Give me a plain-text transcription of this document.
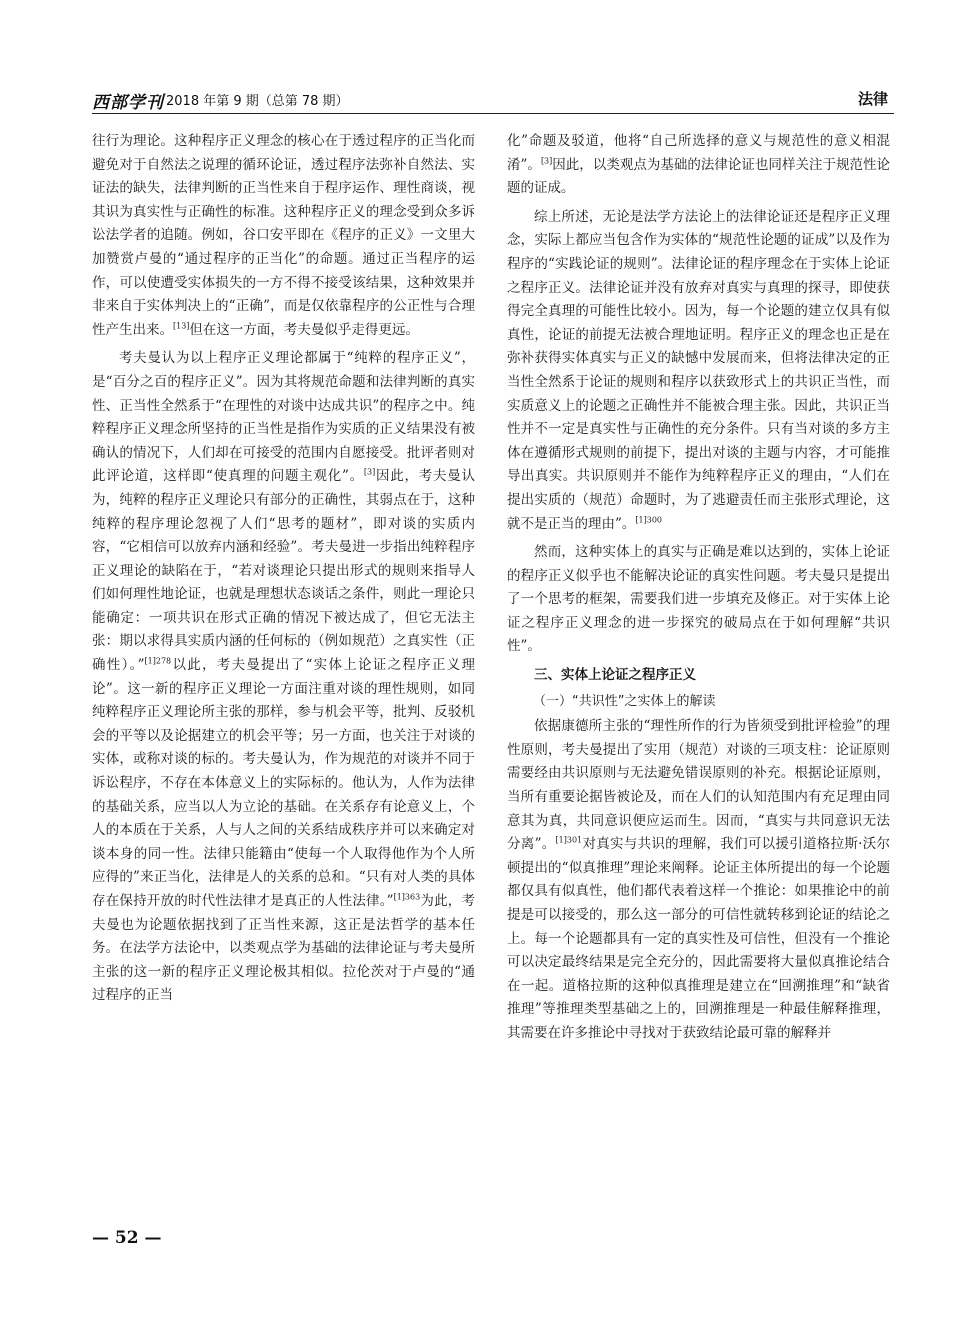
西部学刊 2018 年第 9 期（总第 78 期）	法律

往行为理论。这种程序正义理念的核心在于透过程序的正当化而避免对于自然法之说理的循环论证，透过程序法弥补自然法、实证法的缺失，法律判断的正当性来自于程序运作、理性商谈，视其识为真实性与正确性的标准。这种程序正义的理念受到众多诉讼法学者的追随。例如，谷口安平即在《程序的正义》一文里大加赞赏卢曼的“通过程序的正当化”的命题。通过正当程序的运作，可以使遭受实体损失的一方不得不接受该结果，这种效果并非来自于实体判决上的“正确”，而是仅依靠程序的公正性与合理性产生出来。[13]但在这一方面，考夫曼似乎走得更远。

考夫曼认为以上程序正义理论都属于“纯粹的程序正义”，是“百分之百的程序正义”。因为其将规范命题和法律判断的真实性、正当性全然系于“在理性的对谈中达成共识”的程序之中。纯粹程序正义理念所坚持的正当性是指作为实质的正义结果没有被确认的情况下，人们却在可接受的范围内自愿接受。批评者则对此评论道，这样即“使真理的问题主观化”。[3]因此，考夫曼认为，纯粹的程序正义理论只有部分的正确性，其弱点在于，这种纯粹的程序理论忽视了人们“思考的题材”，即对谈的实质内容，“它相信可以放弃内涵和经验”。考夫曼进一步指出纯粹程序正义理论的缺陷在于，“若对谈理论只提出形式的规则来指导人们如何理性地论证，也就是理想状态谈话之条件，则此一理论只能确定：一项共识在形式正确的情况下被达成了，但它无法主张：期以求得具实质内涵的任何标的（例如规范）之真实性（正确性）。”$^{[1]278}$以此，考夫曼提出了“实体上论证之程序正义理论”。这一新的程序正义理论一方面注重对谈的理性规则，如同纯粹程序正义理论所主张的那样，参与机会平等，批判、反驳机会的平等以及论据建立的机会平等；另一方面，也关注于对谈的实体，或称对谈的标的。考夫曼认为，作为规范的对谈并不同于诉讼程序，不存在本体意义上的实际标的。他认为，人作为法律的基础关系，应当以人为立论的基础。在关系存有论意义上，个人的本质在于关系，人与人之间的关系结成秩序并可以来确定对谈本身的同一性。法律只能籍由“使每一个人取得他作为个人所应得的”来正当化，法律是人的关系的总和。“只有对人类的具体存在保持开放的时代性法律才是真正的人性法律。”$^{[1]363}$为此，考夫曼也为论题依据找到了正当性来源，这正是法哲学的基本任务。在法学方法论中，以类观点学为基础的法律论证与考夫曼所主张的这一新的程序正义理论极其相似。拉伦茨对于卢曼的“通过程序的正当

化”命题及驳道，他将“自己所选择的意义与规范性的意义相混淆”。[3]因此，以类观点为基础的法律论证也同样关注于规范性论题的证成。

综上所述，无论是法学方法论上的法律论证还是程序正义理念，实际上都应当包含作为实体的“规范性论题的证成”以及作为程序的“实践论证的规则”。法律论证的程序理念在于实体上论证之程序正义。法律论证并没有放弃对真实与真理的探寻，即使获得完全真理的可能性比较小。因为，每一个论题的建立仅具有似真性，论证的前提无法被合理地证明。程序正义的理念也正是在弥补获得实体真实与正义的缺憾中发展而来，但将法律决定的正当性全然系于论证的规则和程序以获致形式上的共识正当性，而实质意义上的论题之正确性并不能被合理主张。因此，共识正当性并不一定是真实性与正确性的充分条件。只有当对谈的多方主体在遵循形式规则的前提下，提出对谈的主题与内容，才可能推导出真实。共识原则并不能作为纯粹程序正义的理由，“人们在提出实质的（规范）命题时，为了逃避责任而主张形式理论，这就不是正当的理由”。$^{[1]300}$

然而，这种实体上的真实与正确是难以达到的，实体上论证的程序正义似乎也不能解决论证的真实性问题。考夫曼只是提出了一个思考的框架，需要我们进一步填充及修正。对于实体上论证之程序正义理念的进一步探究的破局点在于如何理解“共识性”。

三、实体上论证之程序正义
（一）“共识性”之实体上的解读

依据康德所主张的“理性所作的行为皆须受到批评检验”的理性原则，考夫曼提出了实用（规范）对谈的三项支柱：论证原则需要经由共识原则与无法避免错误原则的补充。根据论证原则，当所有重要论据皆被论及，而在人们的认知范围内有充足理由同意其为真，共同意识便应运而生。因而，“真实与共同意识无法分离”。$^{[1]301}$对真实与共识的理解，我们可以援引道格拉斯·沃尔顿提出的“似真推理”理论来阐释。论证主体所提出的每一个论题都仅具有似真性，他们都代表着这样一个推论：如果推论中的前提是可以接受的，那么这一部分的可信性就转移到论证的结论之上。每一个论题都具有一定的真实性及可信性，但没有一个推论可以决定最终结果是完全充分的，因此需要将大量似真推论结合在一起。道格拉斯的这种似真推理是建立在“回溯推理”和“缺省推理”等推理类型基础之上的，回溯推理是一种最佳解释推理，其需要在许多推论中寻找对于获致结论最可靠的解释并

— 52 —
